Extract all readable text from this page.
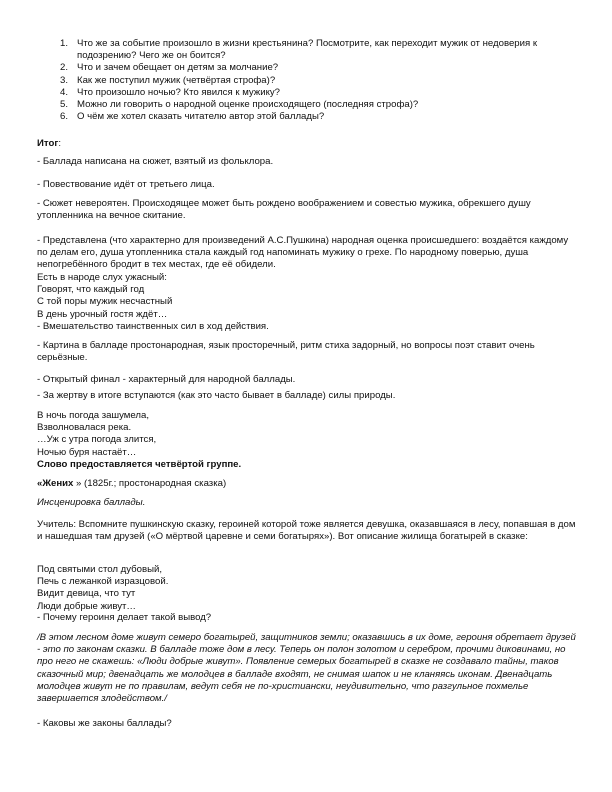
1. Что же за событие произошло в жизни крестьянина? Посмотрите, как переходит мужик от недоверия к подозрению? Чего же он боится?
2. Что и зачем обещает он детям за молчание?
3. Как же поступил мужик (четвёртая строфа)?
4. Что произошло ночью? Кто явился к мужику?
5. Можно ли говорить о народной оценке происходящего (последняя строфа)?
6. О чём же хотел сказать читателю автор этой баллады?

Итог:

- Баллада написана на сюжет, взятый из фольклора.

- Повествование идёт от третьего лица.

- Сюжет невероятен. Происходящее может быть рождено воображением и совестью мужика, обрекшего душу утопленника на вечное скитание.

- Представлена (что характерно для произведений А.С.Пушкина) народная оценка происшедшего: воздаётся каждому по делам его, душа утопленника стала каждый год напоминать мужику о грехе. По народному поверью, душа непогребённого бродит в тех местах, где её обидели.

Есть в народе слух ужасный:
Говорят, что каждый год
С той поры мужик несчастный
В день урочный гостя ждёт…

- Вмешательство таинственных сил в ход действия.

- Картина в балладе простонародная, язык просторечный, ритм стиха задорный, но вопросы поэт ставит очень серьёзные.

- Открытый финал - характерный для народной баллады.

- За жертву в итоге вступаются (как это часто бывает в балладе) силы природы.

В ночь погода зашумела,
Взволновалася река.
…Уж с утра погода злится,
Ночью буря настаёт…

Слово предоставляется четвёртой группе.

«Жених » (1825г.; простонародная сказка)

Инсценировка баллады.

Учитель: Вспомните пушкинскую сказку, героиней которой тоже является девушка, оказавшаяся в лесу, попавшая в дом и нашедшая там друзей («О мёртвой царевне и семи богатырях»). Вот описание жилища богатырей в сказке:

Под святыми стол дубовый,
Печь с лежанкой изразцовой.
Видит девица, что тут
Люди добрые живут…

- Почему героиня делает такой вывод?

/В этом лесном доме живут семеро богатырей, защитников земли; оказавшись в их доме, героиня обретает друзей - это по законам сказки. В балладе тоже дом в лесу. Теперь он полон золотом и серебром, прочими диковинами, но про него не скажешь: «Люди добрые живут». Появление семерых богатырей в сказке не создавало тайны, таков сказочный мир; двенадцать же молодцев в балладе входят, не снимая шапок и не кланяясь иконам. Двенадцать молодцев живут не по правилам, ведут себя не по-христиански, неудивительно, что разгульное похмелье завершается злодейством./

- Каковы же законы баллады?
